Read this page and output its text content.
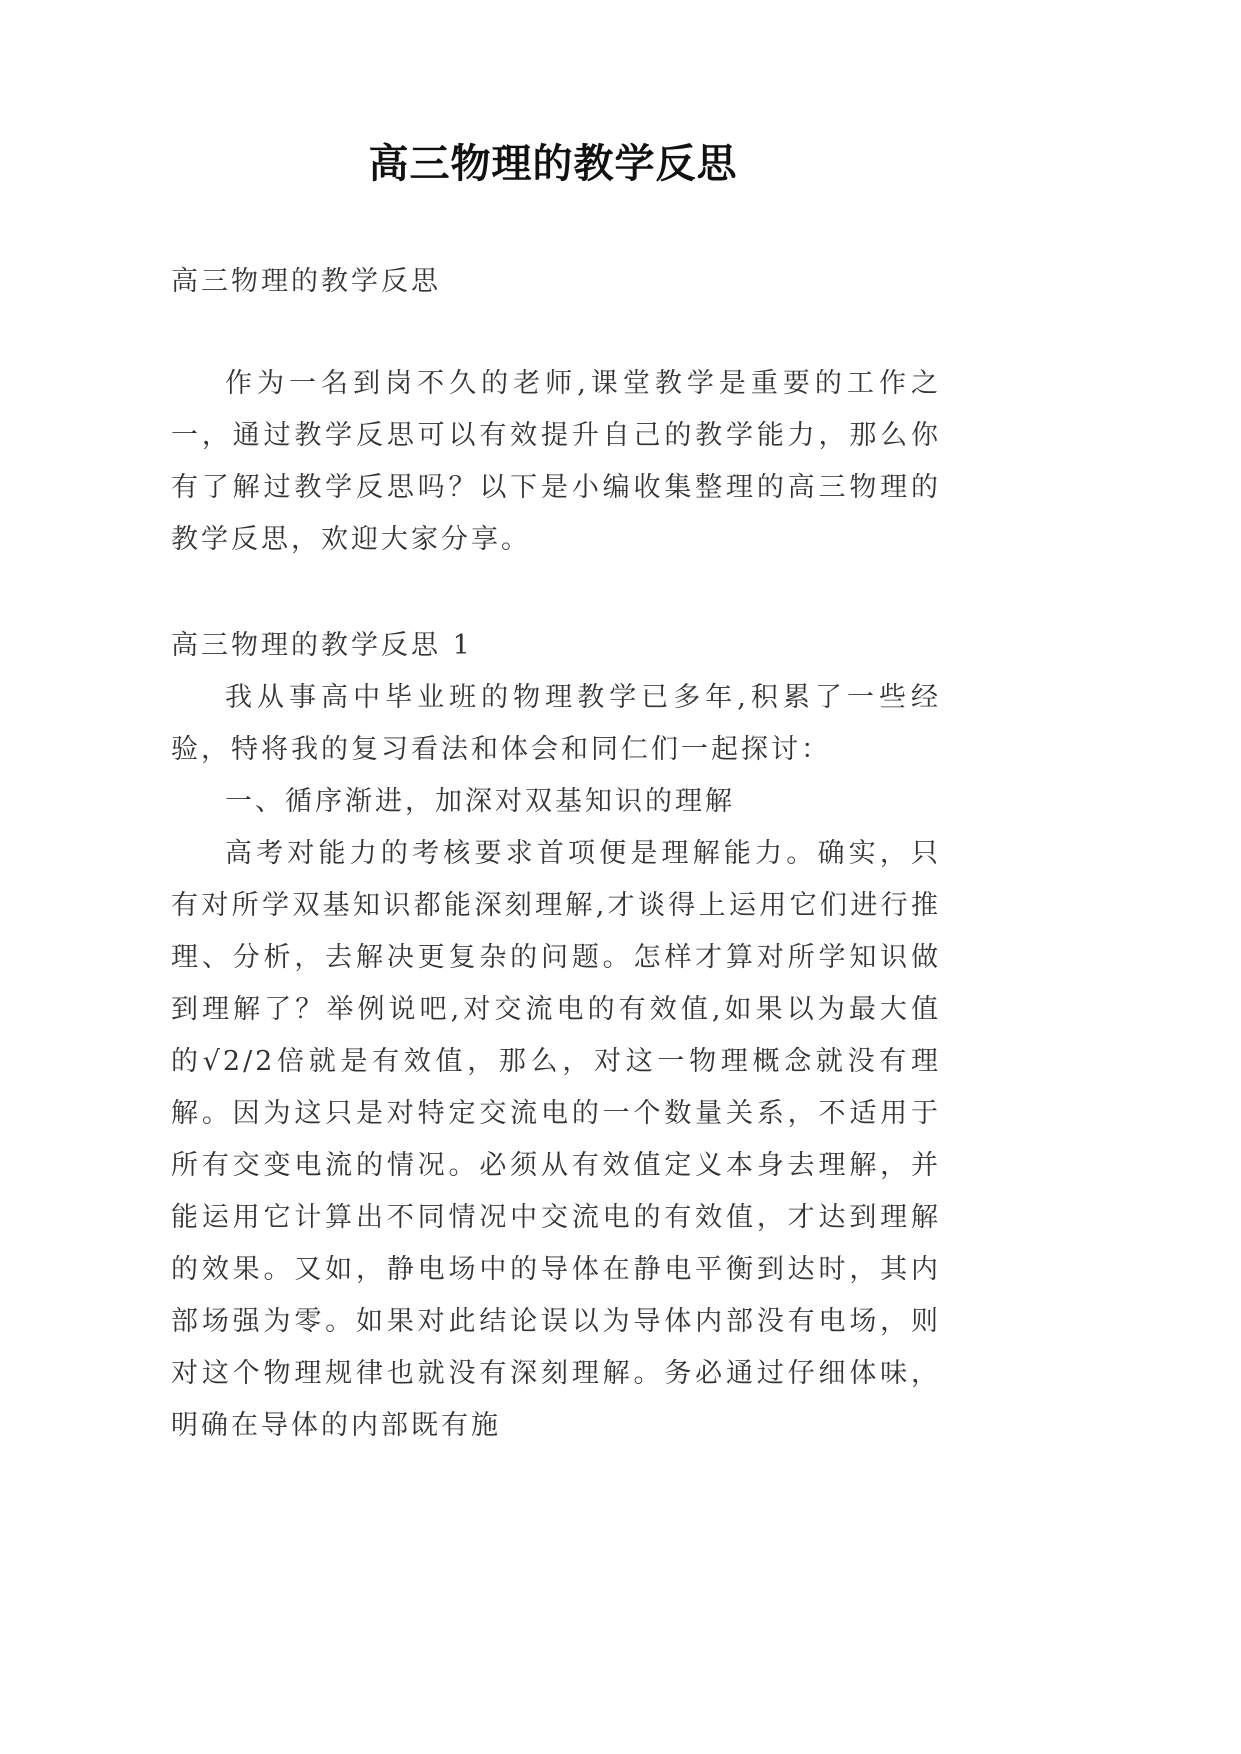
高三物理的教学反思
高三物理的教学反思

作为一名到岗不久的老师,课堂教学是重要的工作之一，通过教学反思可以有效提升自己的教学能力，那么你有了解过教学反思吗？以下是小编收集整理的高三物理的教学反思，欢迎大家分享。

高三物理的教学反思 1

我从事高中毕业班的物理教学已多年,积累了一些经验，特将我的复习看法和体会和同仁们一起探讨：

一、循序渐进，加深对双基知识的理解

高考对能力的考核要求首项便是理解能力。确实，只有对所学双基知识都能深刻理解,才谈得上运用它们进行推理、分析，去解决更复杂的问题。怎样才算对所学知识做到理解了？举例说吧,对交流电的有效值,如果以为最大值的√2/2倍就是有效值，那么，对这一物理概念就没有理解。因为这只是对特定交流电的一个数量关系，不适用于所有交变电流的情况。必须从有效值定义本身去理解，并能运用它计算出不同情况中交流电的有效值，才达到理解的效果。又如，静电场中的导体在静电平衡到达时，其内部场强为零。如果对此结论误以为导体内部没有电场，则对这个物理规律也就没有深刻理解。务必通过仔细体味，明确在导体的内部既有施
